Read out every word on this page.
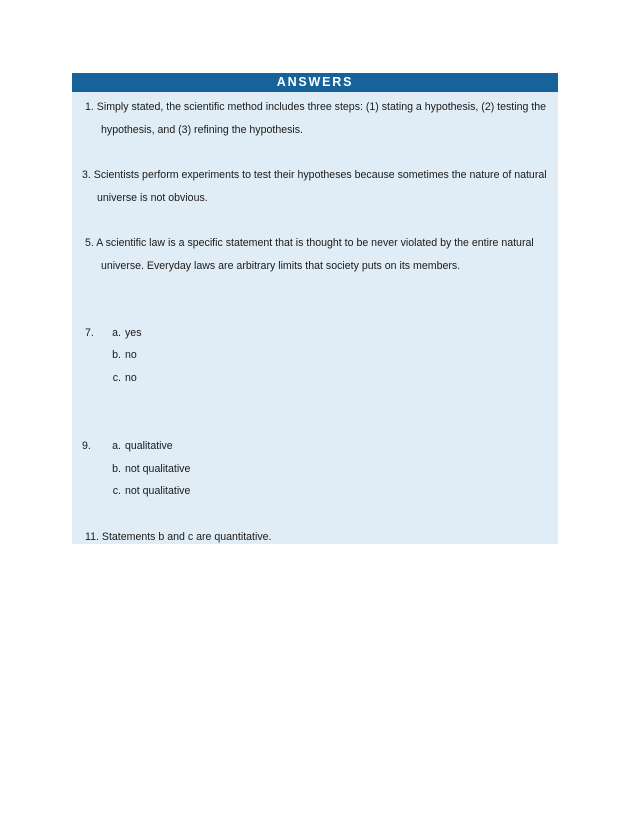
ANSWERS
1. Simply stated, the scientific method includes three steps: (1) stating a hypothesis, (2) testing the
hypothesis, and (3) refining the hypothesis.
3. Scientists perform experiments to test their hypotheses because sometimes the nature of natural
universe is not obvious.
5. A scientific law is a specific statement that is thought to be never violated by the entire natural
universe. Everyday laws are arbitrary limits that society puts on its members.
7.	a. yes
b. no
c. no
9.	a. qualitative
b. not qualitative
c. not qualitative
11. Statements b and c are quantitative.
